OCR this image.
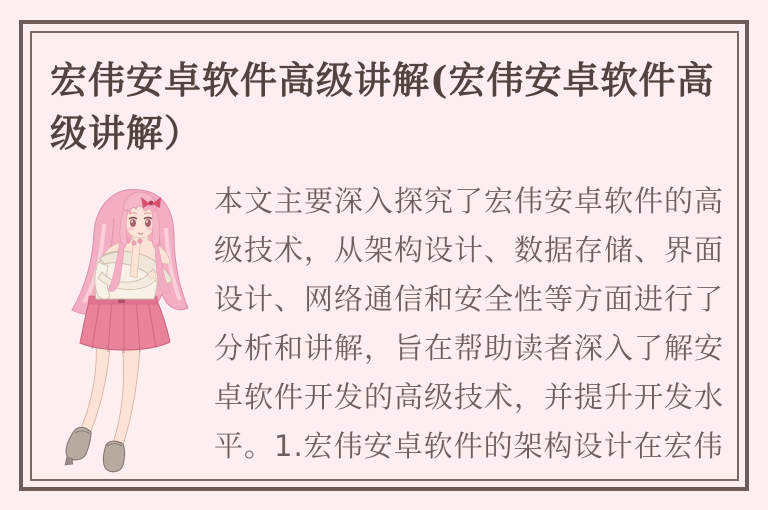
宏伟安卓软件高级讲解(宏伟安卓软件高
级讲解）
本文主要深入探究了宏伟安卓软件的高
级技术，从架构设计、数据存储、界面
设计、网络通信和安全性等方面进行了
分析和讲解，旨在帮助读者深入了解安
卓软件开发的高级技术，并提升开发水
平。1.宏伟安卓软件的架构设计在宏伟
